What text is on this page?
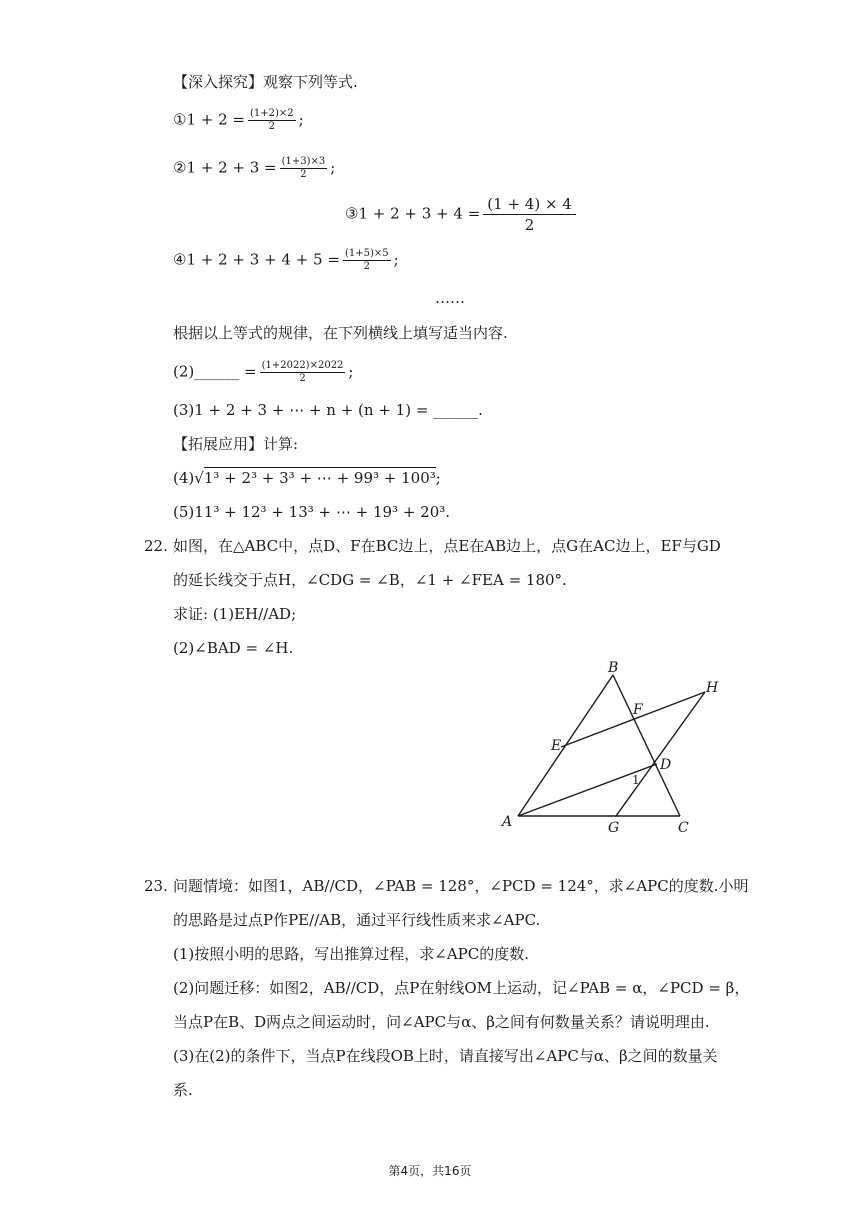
【深入探究】观察下列等式.
①1 + $2 = \frac{(1+2)\times 2}{2}$ ;
②1 + $2 + 3 = \frac{(1+3)\times 3}{2}$ ;
③1 + $2 + 3 + 4 = \frac{(1 + 4) \times 4}{2}$
④1 + $2 + 3 + 4 + 5 = \frac{(1+5)\times 5}{2}$ ;
……
根据以上等式的规律，在下列横线上填写适当内容.
(2)______ = $\frac{(1+2022)\times 2022}{2}$ ;
(3)1 + 2 + 3 + ⋯ + n + (n + 1) = ______.
【拓展应用】计算:
(4)√1³ + 2³ + 3³ + ⋯ + 99³ + 100³;
(5)11³ + 12³ + 13³ + ⋯ + 19³ + 20³.
22. 如图，在△ABC中，点D、F在BC边上，点E在AB边上，点G在AC边上，EF与GD
的延长线交于点H，∠CDG = ∠B，∠1 + ∠FEA = 180°.
求证: (1)EH//AD;
(2)∠BAD = ∠H.
B
H
F
E
D
1
A	G	C
23. 问题情境：如图1，AB//CD，∠PAB = 128°，∠PCD = 124°，求∠APC的度数.小明
的思路是过点P作PE//AB，通过平行线性质来求∠APC.
(1)按照小明的思路，写出推算过程，求∠APC的度数.
(2)问题迁移：如图2，AB//CD，点P在射线OM上运动，记∠PAB = α，∠PCD = β，
当点P在B、D两点之间运动时，问∠APC与α、β之间有何数量关系？请说明理由.
(3)在(2)的条件下，当点P在线段OB上时，请直接写出∠APC与α、β之间的数量关
系.
第4页，共16页
